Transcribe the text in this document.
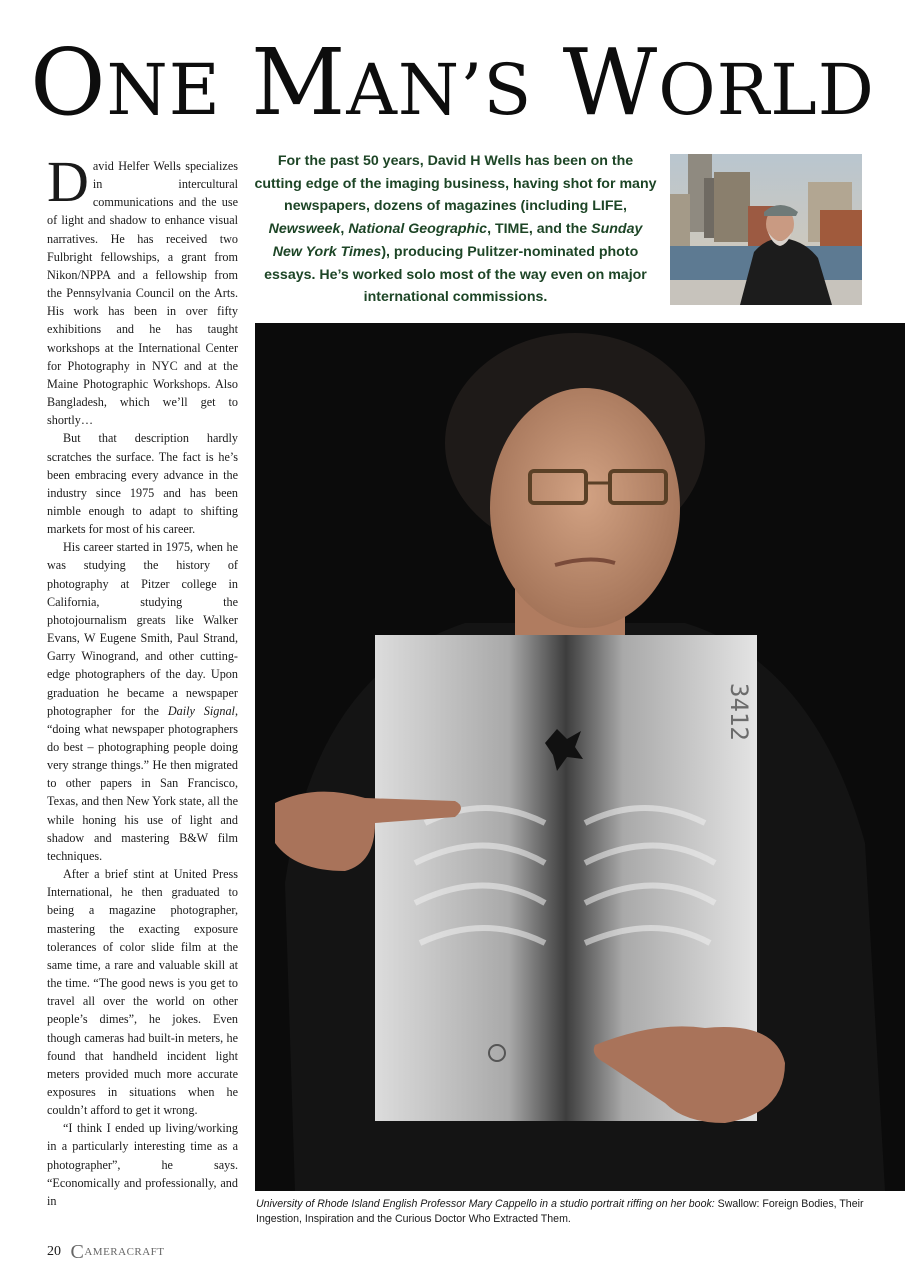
ONE MAN’S WORLD

David Helfer Wells specializes in intercultural communications and the use of light and shadow to enhance visual narratives. He has received two Fulbright fellowships, a grant from Nikon/NPPA and a fellowship from the Pennsylvania Council on the Arts. His work has been in over fifty exhibitions and he has taught workshops at the International Center for Photography in NYC and at the Maine Photographic Workshops. Also Bangladesh, which we’ll get to shortly…

But that description hardly scratches the surface. The fact is he’s been embracing every advance in the industry since 1975 and has been nimble enough to adapt to shifting markets for most of his career.

His career started in 1975, when he was studying the history of photography at Pitzer college in California, studying the photojournalism greats like Walker Evans, W Eugene Smith, Paul Strand, Garry Winogrand, and other cutting-edge photographers of the day. Upon graduation he became a newspaper photographer for the Daily Signal, “doing what newspaper photographers do best – photographing people doing very strange things.” He then migrated to other papers in San Francisco, Texas, and then New York state, all the while honing his use of light and shadow and mastering B&W film techniques.

After a brief stint at United Press International, he then graduated to being a magazine photographer, mastering the exacting exposure tolerances of color slide film at the same time, a rare and valuable skill at the time. “The good news is you get to travel all over the world on other people’s dimes”, he jokes. Even though cameras had built-in meters, he found that handheld incident light meters provided much more accurate exposures in situations when he couldn’t afford to get it wrong.

“I think I ended up living/working in a particularly interesting time as a photographer”, he says. “Economically and professionally, and in

For the past 50 years, David H Wells has been on the cutting edge of the imaging business, having shot for many newspapers, dozens of magazines (including LIFE, Newsweek, National Geographic, TIME, and the Sunday New York Times), producing Pulitzer-nominated photo essays. He’s worked solo most of the way even on major international commissions.
3412
University of Rhode Island English Professor Mary Cappello in a studio portrait riffing on her book: Swallow: Foreign Bodies, Their Ingestion, Inspiration and the Curious Doctor Who Extracted Them.
20 CAMERACRAFT
